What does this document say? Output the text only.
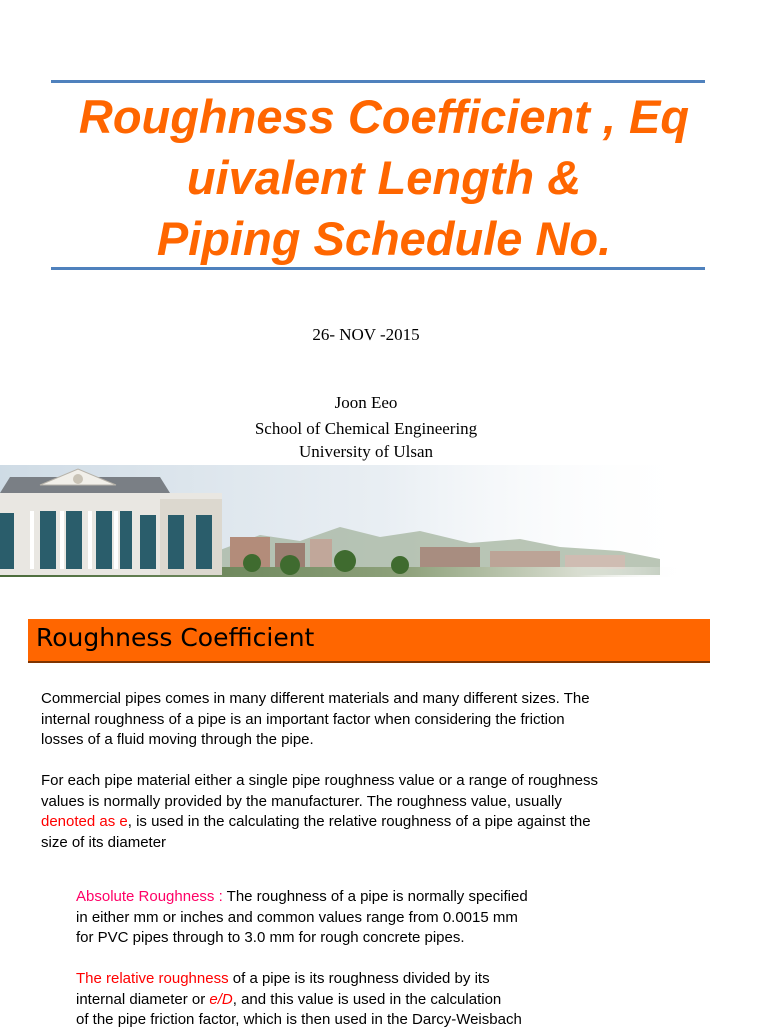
Roughness Coefficient , Eq
uivalent Length &
Piping Schedule No.
26- NOV -2015
Joon Eeo
School of Chemical Engineering
University of Ulsan
Roughness Coefficient
Commercial pipes comes in many different materials and many different sizes. The
internal roughness of a pipe is an important factor when considering the friction
losses of a fluid moving through the pipe.
For each pipe material either a single pipe roughness value or a range of roughness
values is normally provided by the manufacturer. The roughness value, usually
denoted as e, is used in the calculating the relative roughness of a pipe against the
size of its diameter
Absolute Roughness : The roughness of a pipe is normally specified
in either mm or inches and common values range from 0.0015 mm
for PVC pipes through to 3.0 mm for rough concrete pipes.
The relative roughness of a pipe is its roughness divided by its
internal diameter or e/D, and this value is used in the calculation
of the pipe friction factor, which is then used in the Darcy-Weisbach
